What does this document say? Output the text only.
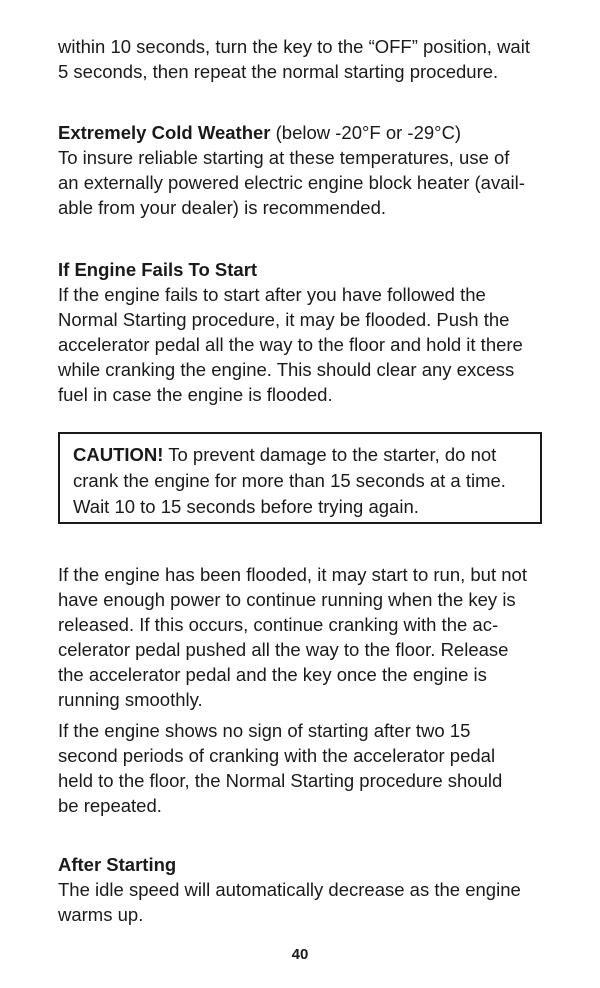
within 10 seconds, turn the key to the “OFF” position, wait
5 seconds, then repeat the normal starting procedure.
Extremely Cold Weather (below -20°F or -29°C)
To insure reliable starting at these temperatures, use of
an externally powered electric engine block heater (avail-
able from your dealer) is recommended.
If Engine Fails To Start
If the engine fails to start after you have followed the
Normal Starting procedure, it may be flooded. Push the
accelerator pedal all the way to the floor and hold it there
while cranking the engine. This should clear any excess
fuel in case the engine is flooded.
CAUTION! To prevent damage to the starter, do not
crank the engine for more than 15 seconds at a time.
Wait 10 to 15 seconds before trying again.
If the engine has been flooded, it may start to run, but not
have enough power to continue running when the key is
released. If this occurs, continue cranking with the ac-
celerator pedal pushed all the way to the floor. Release
the accelerator pedal and the key once the engine is
running smoothly.
If the engine shows no sign of starting after two 15
second periods of cranking with the accelerator pedal
held to the floor, the Normal Starting procedure should
be repeated.
After Starting
The idle speed will automatically decrease as the engine
warms up.
40
